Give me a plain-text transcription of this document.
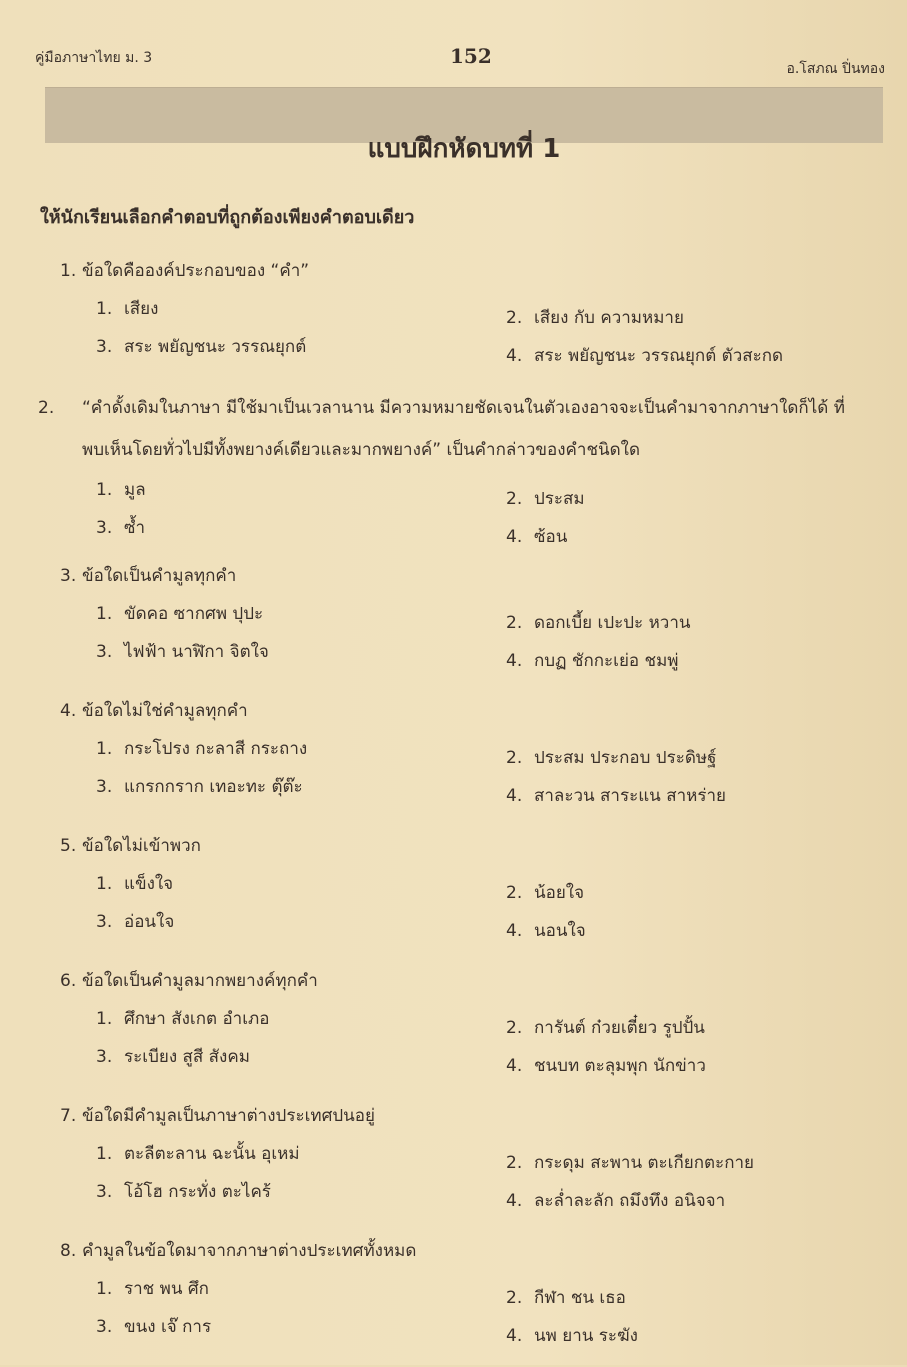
คู่มือภาษาไทย ม. 3	152
อ.โสภณ ปิ่นทอง
แบบฝึกหัดบทที่ 1
ให้นักเรียนเลือกคำตอบที่ถูกต้องเพียงคำตอบเดียว
1. ข้อใดคือองค์ประกอบของ “คำ”
1. เสียง	2. เสียง กับ ความหมาย
3. สระ พยัญชนะ วรรณยุกต์	4. สระ พยัญชนะ วรรณยุกต์ ตัวสะกด
2. “คำดั้งเดิมในภาษา มีใช้มาเป็นเวลานาน มีความหมายชัดเจนในตัวเองอาจจะเป็นคำมาจากภาษาใดก็ได้ ที่พบเห็นโดยทั่วไปมีทั้งพยางค์เดียวและมากพยางค์” เป็นคำกล่าวของคำชนิดใด
1. มูล	2. ประสม
3. ซ้ำ	4. ซ้อน
3. ข้อใดเป็นคำมูลทุกคำ
1. ขัดคอ ซากศพ ปุปะ	2. ดอกเบี้ย เปะปะ หวาน
3. ไฟฟ้า นาฬิกา จิตใจ	4. กบฏ ชักกะเย่อ ชมพู่
4. ข้อใดไม่ใช่คำมูลทุกคำ
1. กระโปรง กะลาสี กระถาง	2. ประสม ประกอบ ประดิษฐ์
3. แกรกกราก เทอะทะ ตุ๊ต๊ะ	4. สาละวน สาระแน สาหร่าย
5. ข้อใดไม่เข้าพวก
1. แข็งใจ	2. น้อยใจ
3. อ่อนใจ	4. นอนใจ
6. ข้อใดเป็นคำมูลมากพยางค์ทุกคำ
1. ศึกษา สังเกต อำเภอ	2. การันต์ ก๋วยเตี๋ยว รูปปั้น
3. ระเบียง สูสี สังคม	4. ชนบท ตะลุมพุก นักข่าว
7. ข้อใดมีคำมูลเป็นภาษาต่างประเทศปนอยู่
1. ตะลีตะลาน ฉะนั้น อุเหม่	2. กระดุม สะพาน ตะเกียกตะกาย
3. โอ้โฮ กระทั่ง ตะไคร้	4. ละล่ำละลัก ถมึงทึง อนิจจา
8. คำมูลในข้อใดมาจากภาษาต่างประเทศทั้งหมด
1. ราช พน ศึก	2. กีฬา ชน เธอ
3. ขนง เจ๊ การ	4. นพ ยาน ระฆัง
